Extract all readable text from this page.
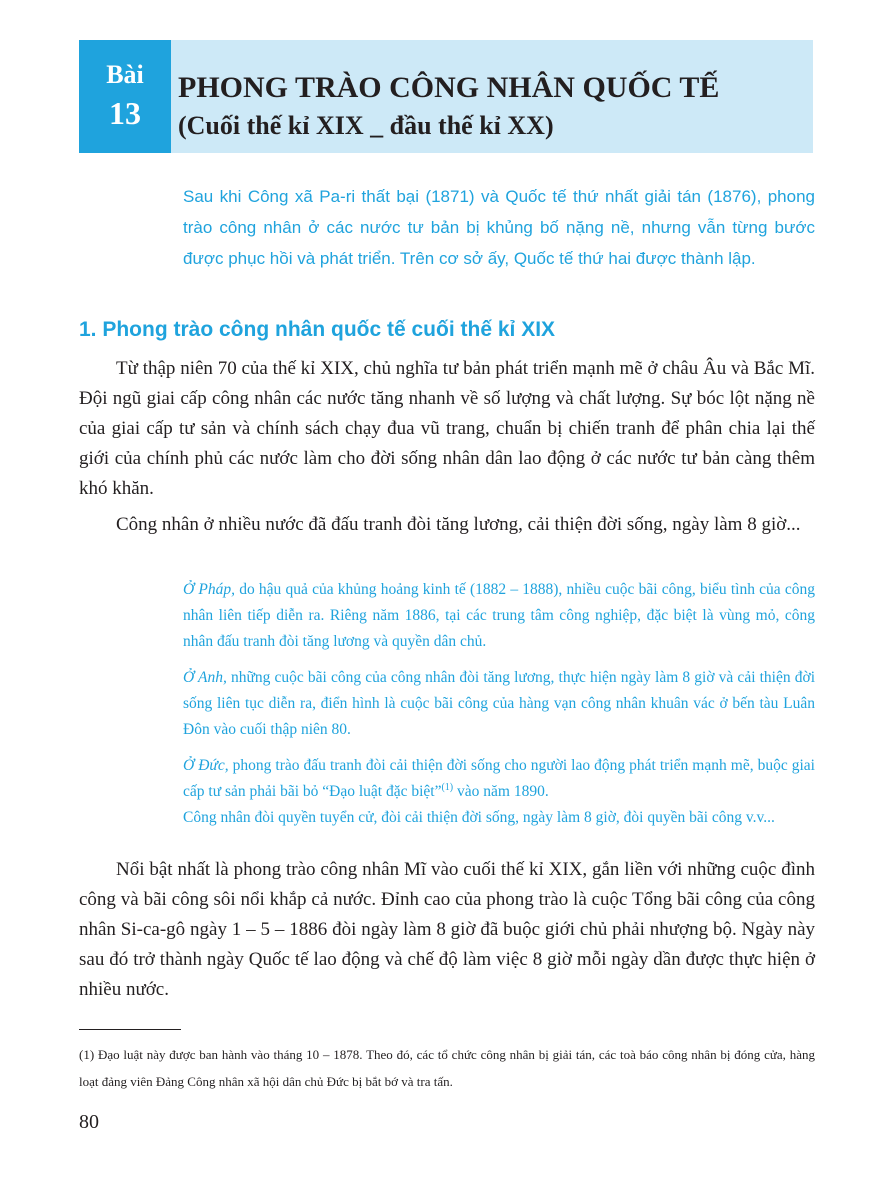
Bài
13
PHONG TRÀO CÔNG NHÂN QUỐC TẾ
(Cuối thế kỉ XIX _ đầu thế kỉ XX)
Sau khi Công xã Pa-ri thất bại (1871) và Quốc tế thứ nhất giải tán (1876), phong trào công nhân ở các nước tư bản bị khủng bố nặng nề, nhưng vẫn từng bước được phục hồi và phát triển. Trên cơ sở ấy, Quốc tế thứ hai được thành lập.
1. Phong trào công nhân quốc tế cuối thế kỉ XIX
Từ thập niên 70 của thế kỉ XIX, chủ nghĩa tư bản phát triển mạnh mẽ ở châu Âu và Bắc Mĩ. Đội ngũ giai cấp công nhân các nước tăng nhanh về số lượng và chất lượng. Sự bóc lột nặng nề của giai cấp tư sản và chính sách chạy đua vũ trang, chuẩn bị chiến tranh để phân chia lại thế giới của chính phủ các nước làm cho đời sống nhân dân lao động ở các nước tư bản càng thêm khó khăn.
Công nhân ở nhiều nước đã đấu tranh đòi tăng lương, cải thiện đời sống, ngày làm 8 giờ...

Ở Pháp, do hậu quả của khủng hoảng kinh tế (1882 – 1888), nhiều cuộc bãi công, biểu tình của công nhân liên tiếp diễn ra. Riêng năm 1886, tại các trung tâm công nghiệp, đặc biệt là vùng mỏ, công nhân đấu tranh đòi tăng lương và quyền dân chủ.

Ở Anh, những cuộc bãi công của công nhân đòi tăng lương, thực hiện ngày làm 8 giờ và cải thiện đời sống liên tục diễn ra, điển hình là cuộc bãi công của hàng vạn công nhân khuân vác ở bến tàu Luân Đôn vào cuối thập niên 80.

Ở Đức, phong trào đấu tranh đòi cải thiện đời sống cho người lao động phát triển mạnh mẽ, buộc giai cấp tư sản phải bãi bỏ “Đạo luật đặc biệt”$^{(1)}$ vào năm 1890.

Công nhân đòi quyền tuyển cử, đòi cải thiện đời sống, ngày làm 8 giờ, đòi quyền bãi công v.v...

Nổi bật nhất là phong trào công nhân Mĩ vào cuối thế kỉ XIX, gắn liền với những cuộc đình công và bãi công sôi nổi khắp cả nước. Đỉnh cao của phong trào là cuộc Tổng bãi công của công nhân Si-ca-gô ngày 1 – 5 – 1886 đòi ngày làm 8 giờ đã buộc giới chủ phải nhượng bộ. Ngày này sau đó trở thành ngày Quốc tế lao động và chế độ làm việc 8 giờ mỗi ngày dần được thực hiện ở nhiều nước.
(1) Đạo luật này được ban hành vào tháng 10 – 1878. Theo đó, các tổ chức công nhân bị giải tán, các toà báo công nhân bị đóng cửa, hàng loạt đảng viên Đảng Công nhân xã hội dân chủ Đức bị bắt bớ và tra tấn.
80
